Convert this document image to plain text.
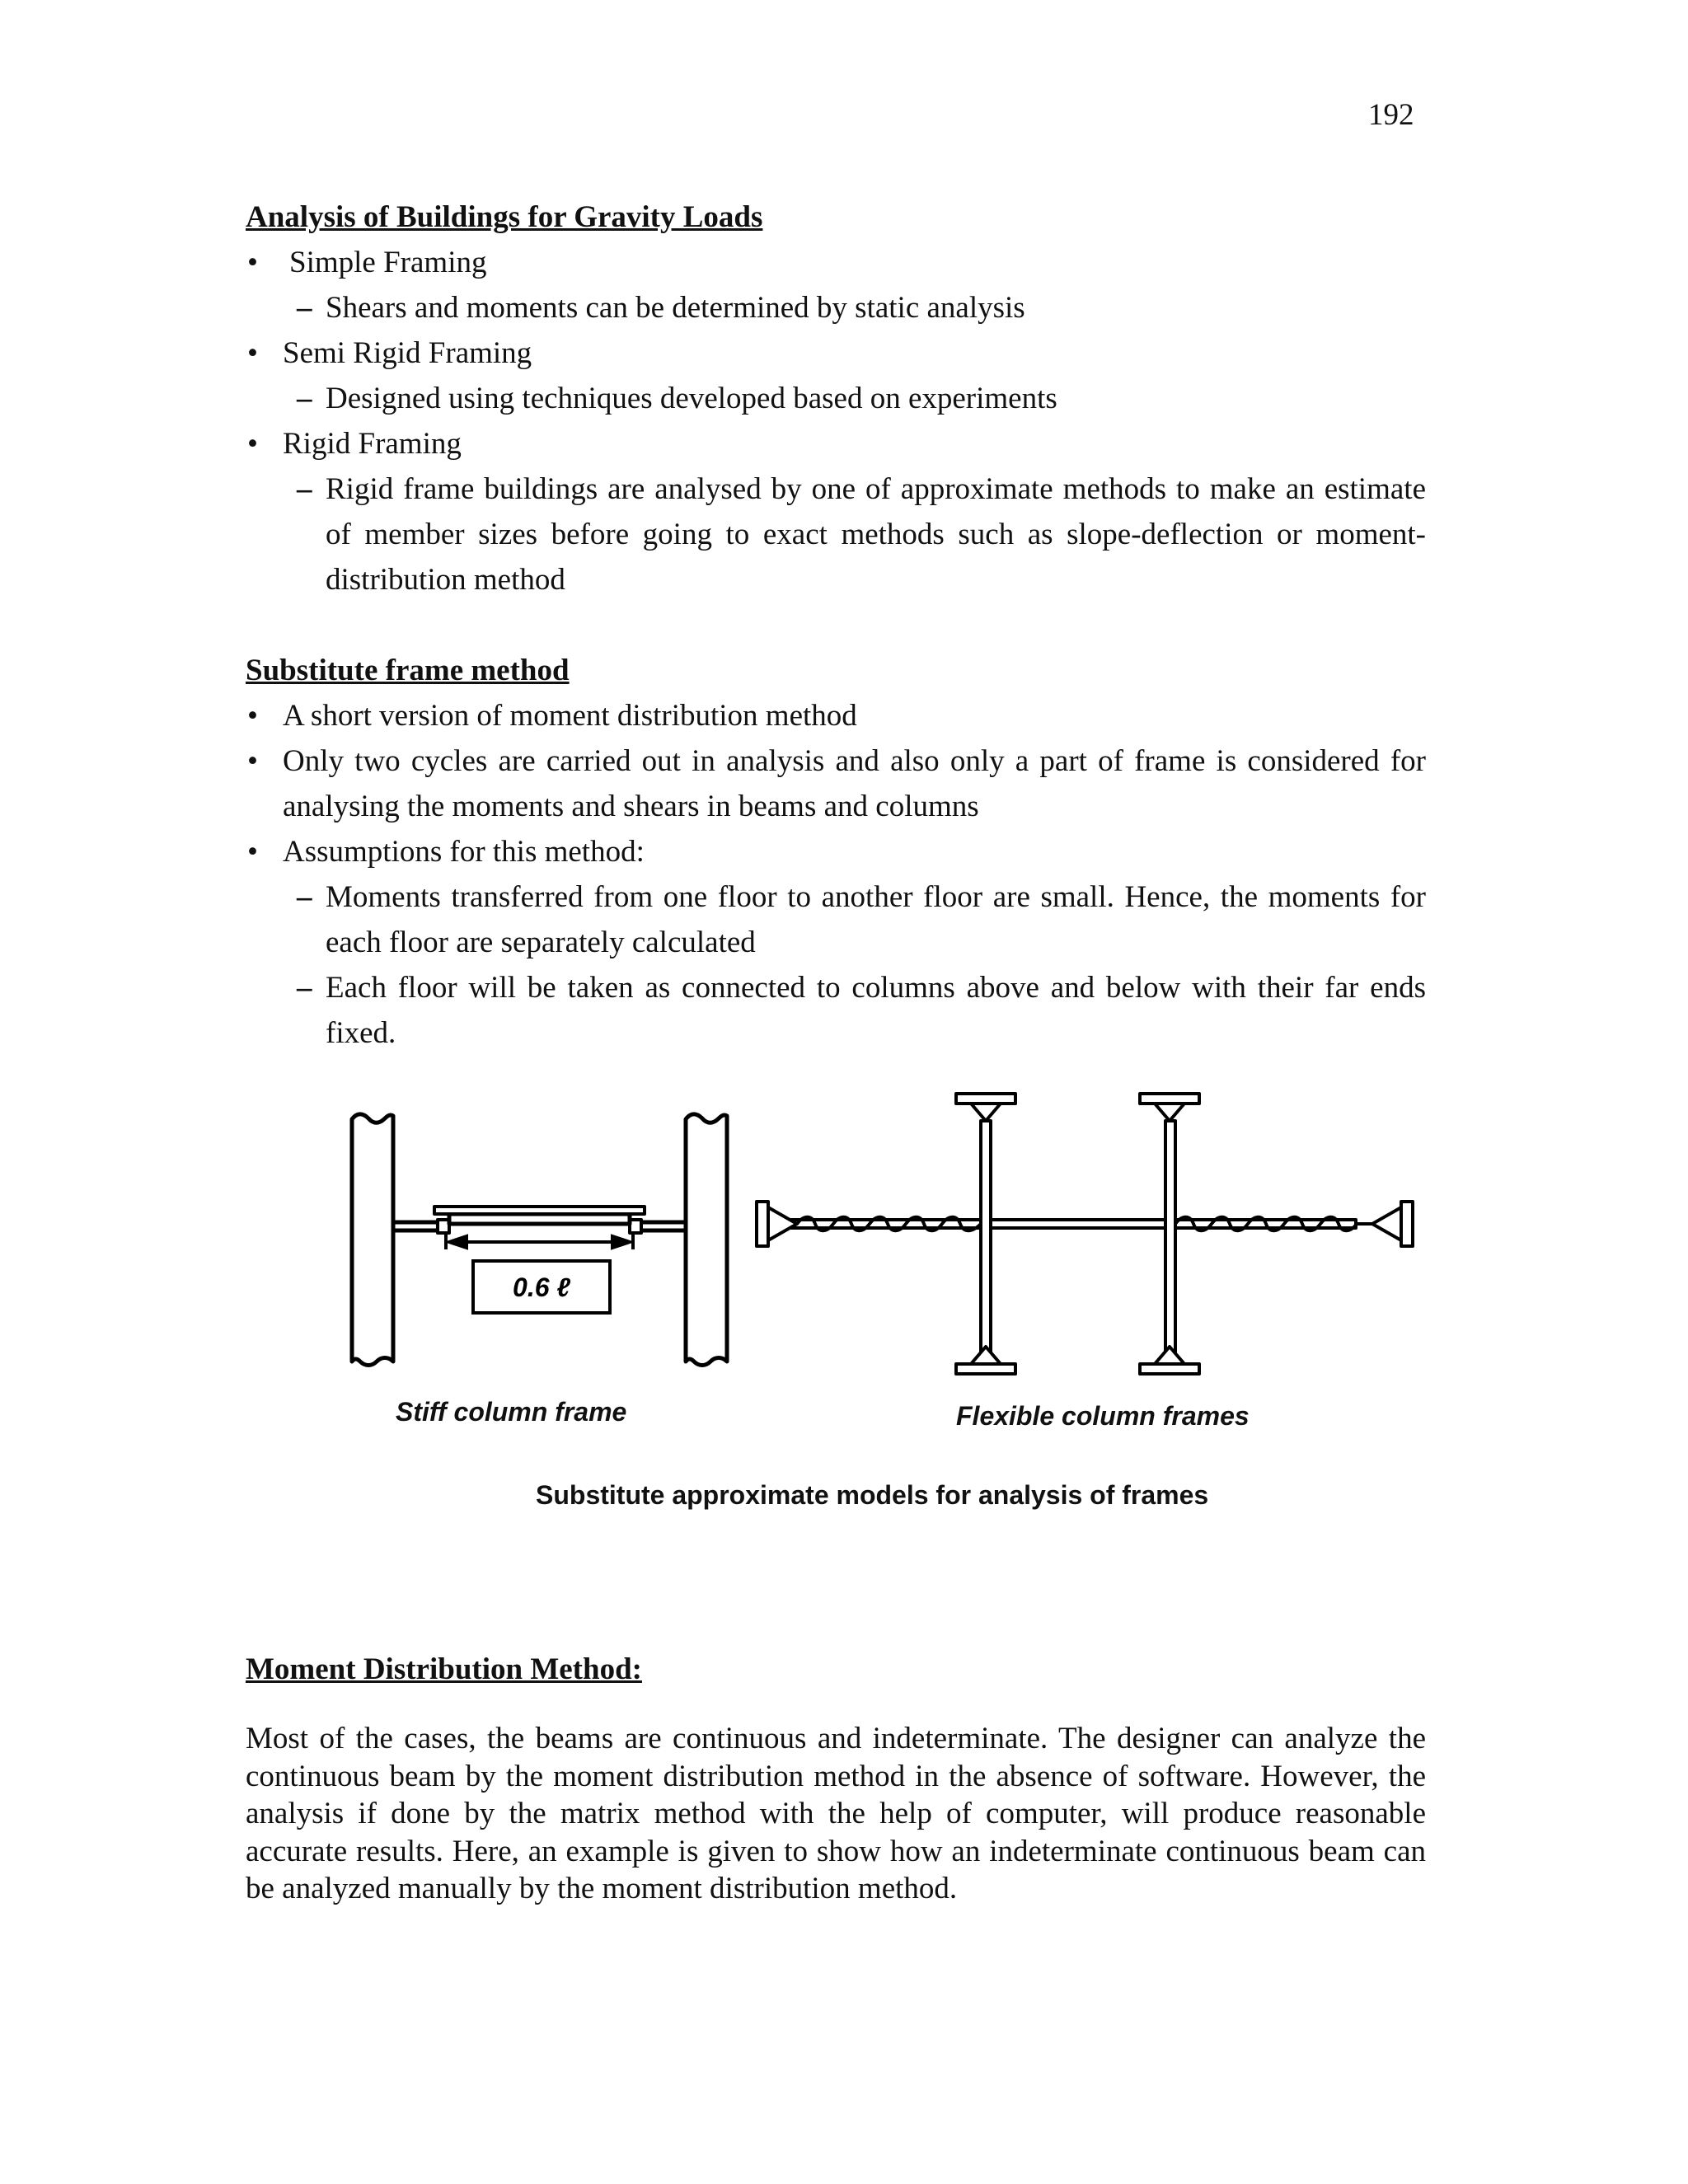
192
Analysis of Buildings for Gravity Loads
• Simple Framing
– Shears and moments can be determined by static analysis
• Semi Rigid Framing
– Designed using techniques developed based on experiments
• Rigid Framing
– Rigid frame buildings are analysed by one of approximate methods to make an estimate of member sizes before going to exact methods such as slope-deflection or moment-distribution method
Substitute frame method
• A short version of moment distribution method
• Only two cycles are carried out in analysis and also only a part of frame is considered for analysing the moments and shears in beams and columns
• Assumptions for this method:
– Moments transferred from one floor to another floor are small. Hence, the moments for each floor are separately calculated
– Each floor will be taken as connected to columns above and below with their far ends fixed.
0.6 ℓ
Stiff column frame	Flexible column frames
Substitute approximate models for analysis of frames
Moment Distribution Method:
Most of the cases, the beams are continuous and indeterminate. The designer can analyze the continuous beam by the moment distribution method in the absence of software. However, the analysis if done by the matrix method with the help of computer, will produce reasonable accurate results. Here, an example is given to show how an indeterminate continuous beam can be analyzed manually by the moment distribution method.
